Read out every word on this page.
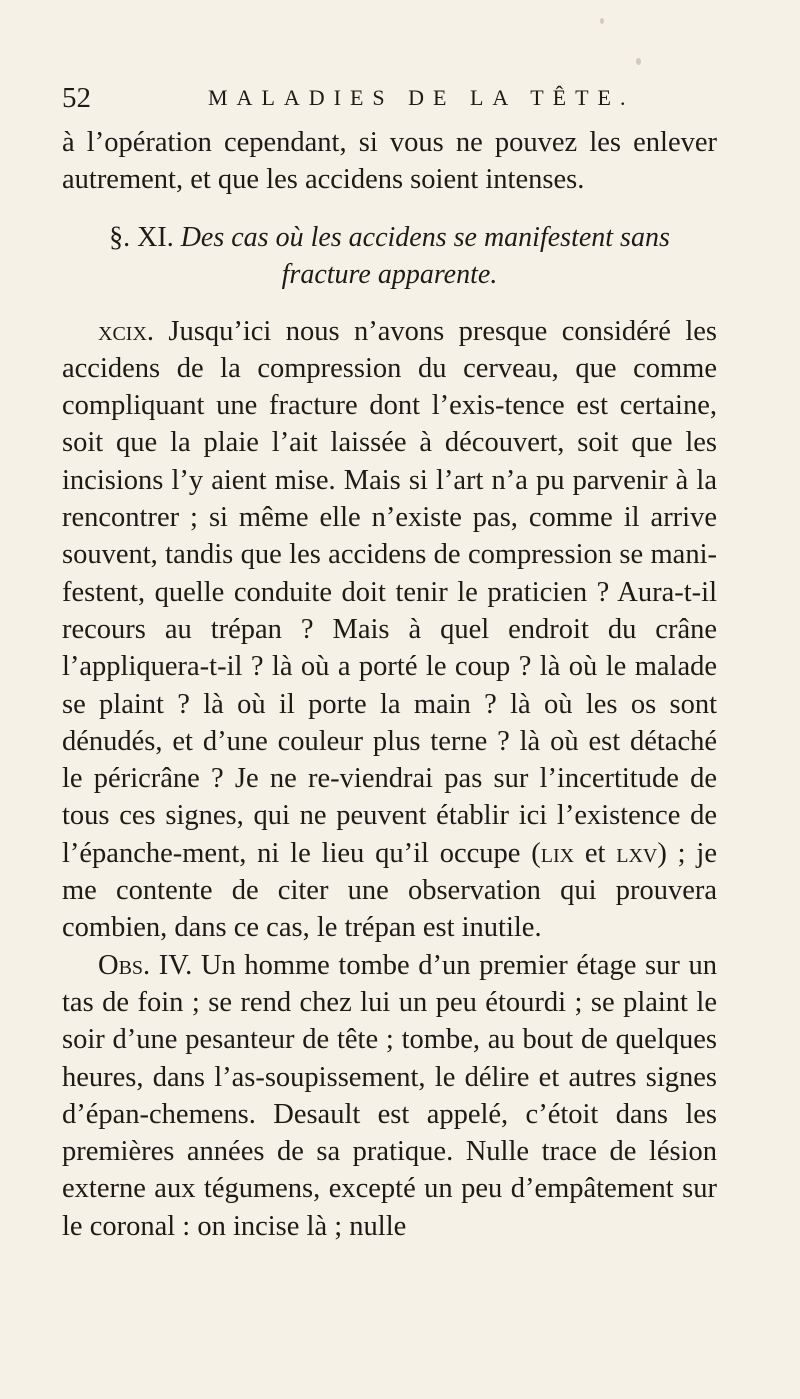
52	MALADIES DE LA TÊTE.

à l’opération cependant, si vous ne pouvez les enlever autrement, et que les accidens soient intenses.

§. XI. Des cas où les accidens se manifestent sans fracture apparente.

xcix. Jusqu’ici nous n’avons presque considéré les accidens de la compression du cerveau, que comme compliquant une fracture dont l’exis-tence est certaine, soit que la plaie l’ait laissée à découvert, soit que les incisions l’y aient mise. Mais si l’art n’a pu parvenir à la rencontrer ; si même elle n’existe pas, comme il arrive souvent, tandis que les accidens de compression se mani-festent, quelle conduite doit tenir le praticien ? Aura-t-il recours au trépan ? Mais à quel endroit du crâne l’appliquera-t-il ? là où a porté le coup ? là où le malade se plaint ? là où il porte la main ? là où les os sont dénudés, et d’une couleur plus terne ? là où est détaché le péricrâne ? Je ne re-viendrai pas sur l’incertitude de tous ces signes, qui ne peuvent établir ici l’existence de l’épanche-ment, ni le lieu qu’il occupe (lix et lxv) ; je me contente de citer une observation qui prouvera combien, dans ce cas, le trépan est inutile.

Obs. IV. Un homme tombe d’un premier étage sur un tas de foin ; se rend chez lui un peu étourdi ; se plaint le soir d’une pesanteur de tête ; tombe, au bout de quelques heures, dans l’as-soupissement, le délire et autres signes d’épan-chemens. Desault est appelé, c’étoit dans les premières années de sa pratique. Nulle trace de lésion externe aux tégumens, excepté un peu d’empâtement sur le coronal : on incise là ; nulle
